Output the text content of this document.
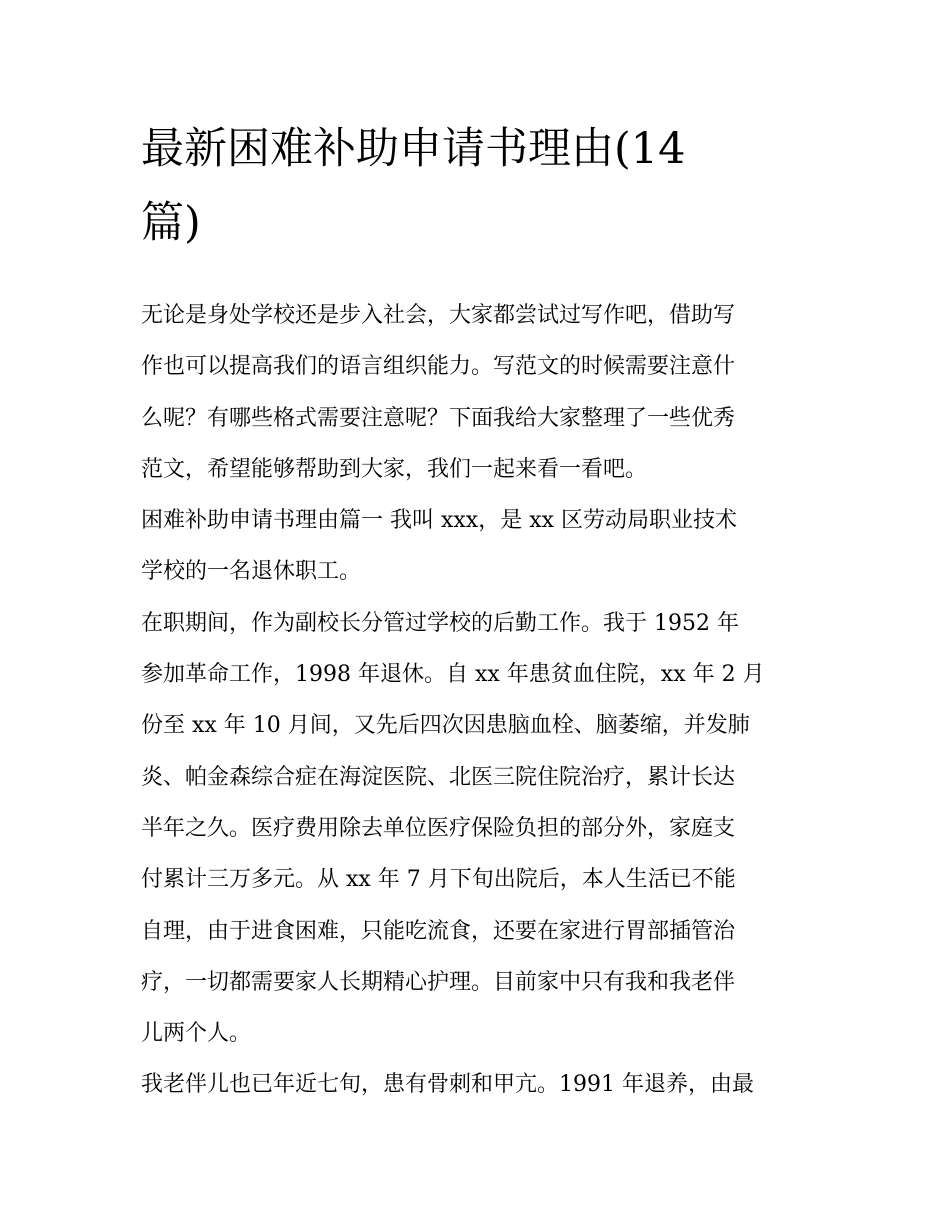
最新困难补助申请书理由(14
篇)
无论是身处学校还是步入社会，大家都尝试过写作吧，借助写
作也可以提高我们的语言组织能力。写范文的时候需要注意什
么呢？有哪些格式需要注意呢？下面我给大家整理了一些优秀
范文，希望能够帮助到大家，我们一起来看一看吧。
困难补助申请书理由篇一 我叫 xxx，是 xx 区劳动局职业技术
学校的一名退休职工。
在职期间，作为副校长分管过学校的后勤工作。我于 1952 年
参加革命工作，1998 年退休。自 xx 年患贫血住院，xx 年 2 月
份至 xx 年 10 月间，又先后四次因患脑血栓、脑萎缩，并发肺
炎、帕金森综合症在海淀医院、北医三院住院治疗，累计长达
半年之久。医疗费用除去单位医疗保险负担的部分外，家庭支
付累计三万多元。从 xx 年 7 月下旬出院后，本人生活已不能
自理，由于进食困难，只能吃流食，还要在家进行胃部插管治
疗，一切都需要家人长期精心护理。目前家中只有我和我老伴
儿两个人。
我老伴儿也已年近七旬，患有骨刺和甲亢。1991 年退养，由最
